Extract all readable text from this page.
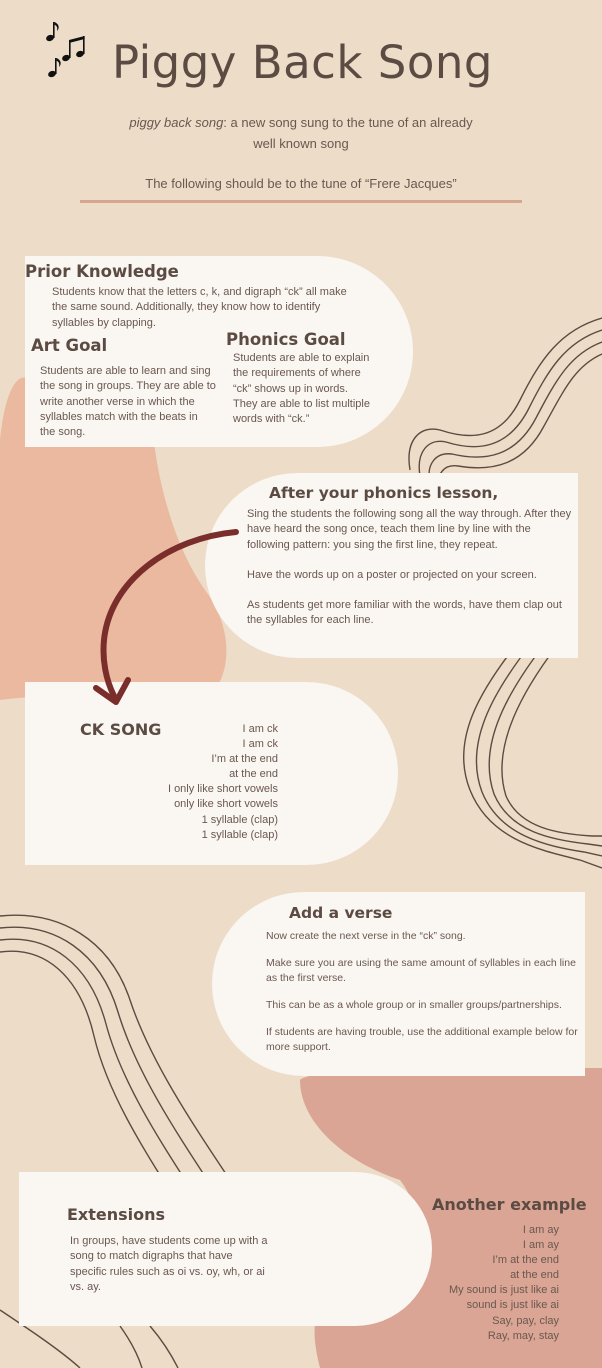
Piggy Back Song

piggy back song: a new song sung to the tune of an already well known song

The following should be to the tune of “Frere Jacques”

Prior Knowledge

Students know that the letters c, k, and digraph “ck” all make the same sound. Additionally, they know how to identify syllables by clapping.

Art Goal

Students are able to learn and sing the song in groups. They are able to write another verse in which the syllables match with the beats in the song.

Phonics Goal

Students are able to explain the requirements of where “ck” shows up in words. They are able to list multiple words with “ck.”

After your phonics lesson,

Sing the students the following song all the way through. After they have heard the song once, teach them line by line with the following pattern: you sing the first line, they repeat.

Have the words up on a poster or projected on your screen.

As students get more familiar with the words, have them clap out the syllables for each line.

CK SONG	I am ck
I am ck
I’m at the end
at the end
I only like short vowels
only like short vowels
1 syllable (clap)
1 syllable (clap)
Add a verse

Now create the next verse in the “ck” song.

Make sure you are using the same amount of syllables in each line as the first verse.

This can be as a whole group or in smaller groups/partnerships.

If students are having trouble, use the additional example below for more support.

Extensions

In groups, have students come up with a song to match digraphs that have specific rules such as oi vs. oy, wh, or ai vs. ay.

Another example
I am ay
I am ay
I’m at the end
at the end
My sound is just like ai
sound is just like ai
Say, pay, clay
Ray, may, stay
